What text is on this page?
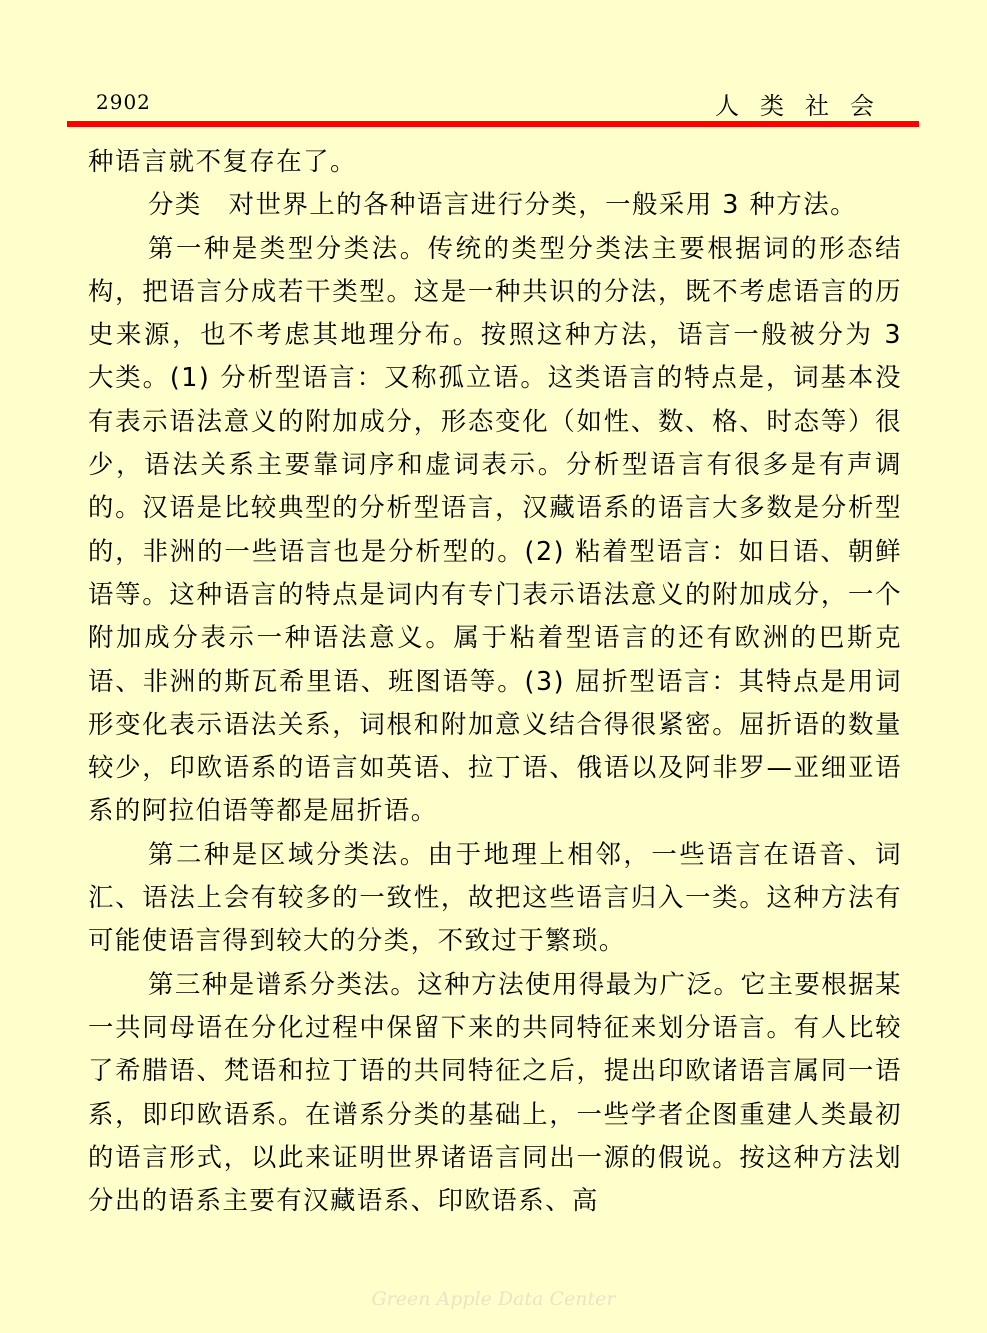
2902	人类社会

种语言就不复存在了。

分类　对世界上的各种语言进行分类，一般采用 3 种方法。

第一种是类型分类法。传统的类型分类法主要根据词的形态结构，把语言分成若干类型。这是一种共识的分法，既不考虑语言的历史来源，也不考虑其地理分布。按照这种方法，语言一般被分为 3 大类。(1) 分析型语言：又称孤立语。这类语言的特点是，词基本没有表示语法意义的附加成分，形态变化（如性、数、格、时态等）很少，语法关系主要靠词序和虚词表示。分析型语言有很多是有声调的。汉语是比较典型的分析型语言，汉藏语系的语言大多数是分析型的，非洲的一些语言也是分析型的。(2) 粘着型语言：如日语、朝鲜语等。这种语言的特点是词内有专门表示语法意义的附加成分，一个附加成分表示一种语法意义。属于粘着型语言的还有欧洲的巴斯克语、非洲的斯瓦希里语、班图语等。(3) 屈折型语言：其特点是用词形变化表示语法关系，词根和附加意义结合得很紧密。屈折语的数量较少，印欧语系的语言如英语、拉丁语、俄语以及阿非罗—亚细亚语系的阿拉伯语等都是屈折语。

第二种是区域分类法。由于地理上相邻，一些语言在语音、词汇、语法上会有较多的一致性，故把这些语言归入一类。这种方法有可能使语言得到较大的分类，不致过于繁琐。

第三种是谱系分类法。这种方法使用得最为广泛。它主要根据某一共同母语在分化过程中保留下来的共同特征来划分语言。有人比较了希腊语、梵语和拉丁语的共同特征之后，提出印欧诸语言属同一语系，即印欧语系。在谱系分类的基础上，一些学者企图重建人类最初的语言形式，以此来证明世界诸语言同出一源的假说。按这种方法划分出的语系主要有汉藏语系、印欧语系、高

Green Apple Data Center
